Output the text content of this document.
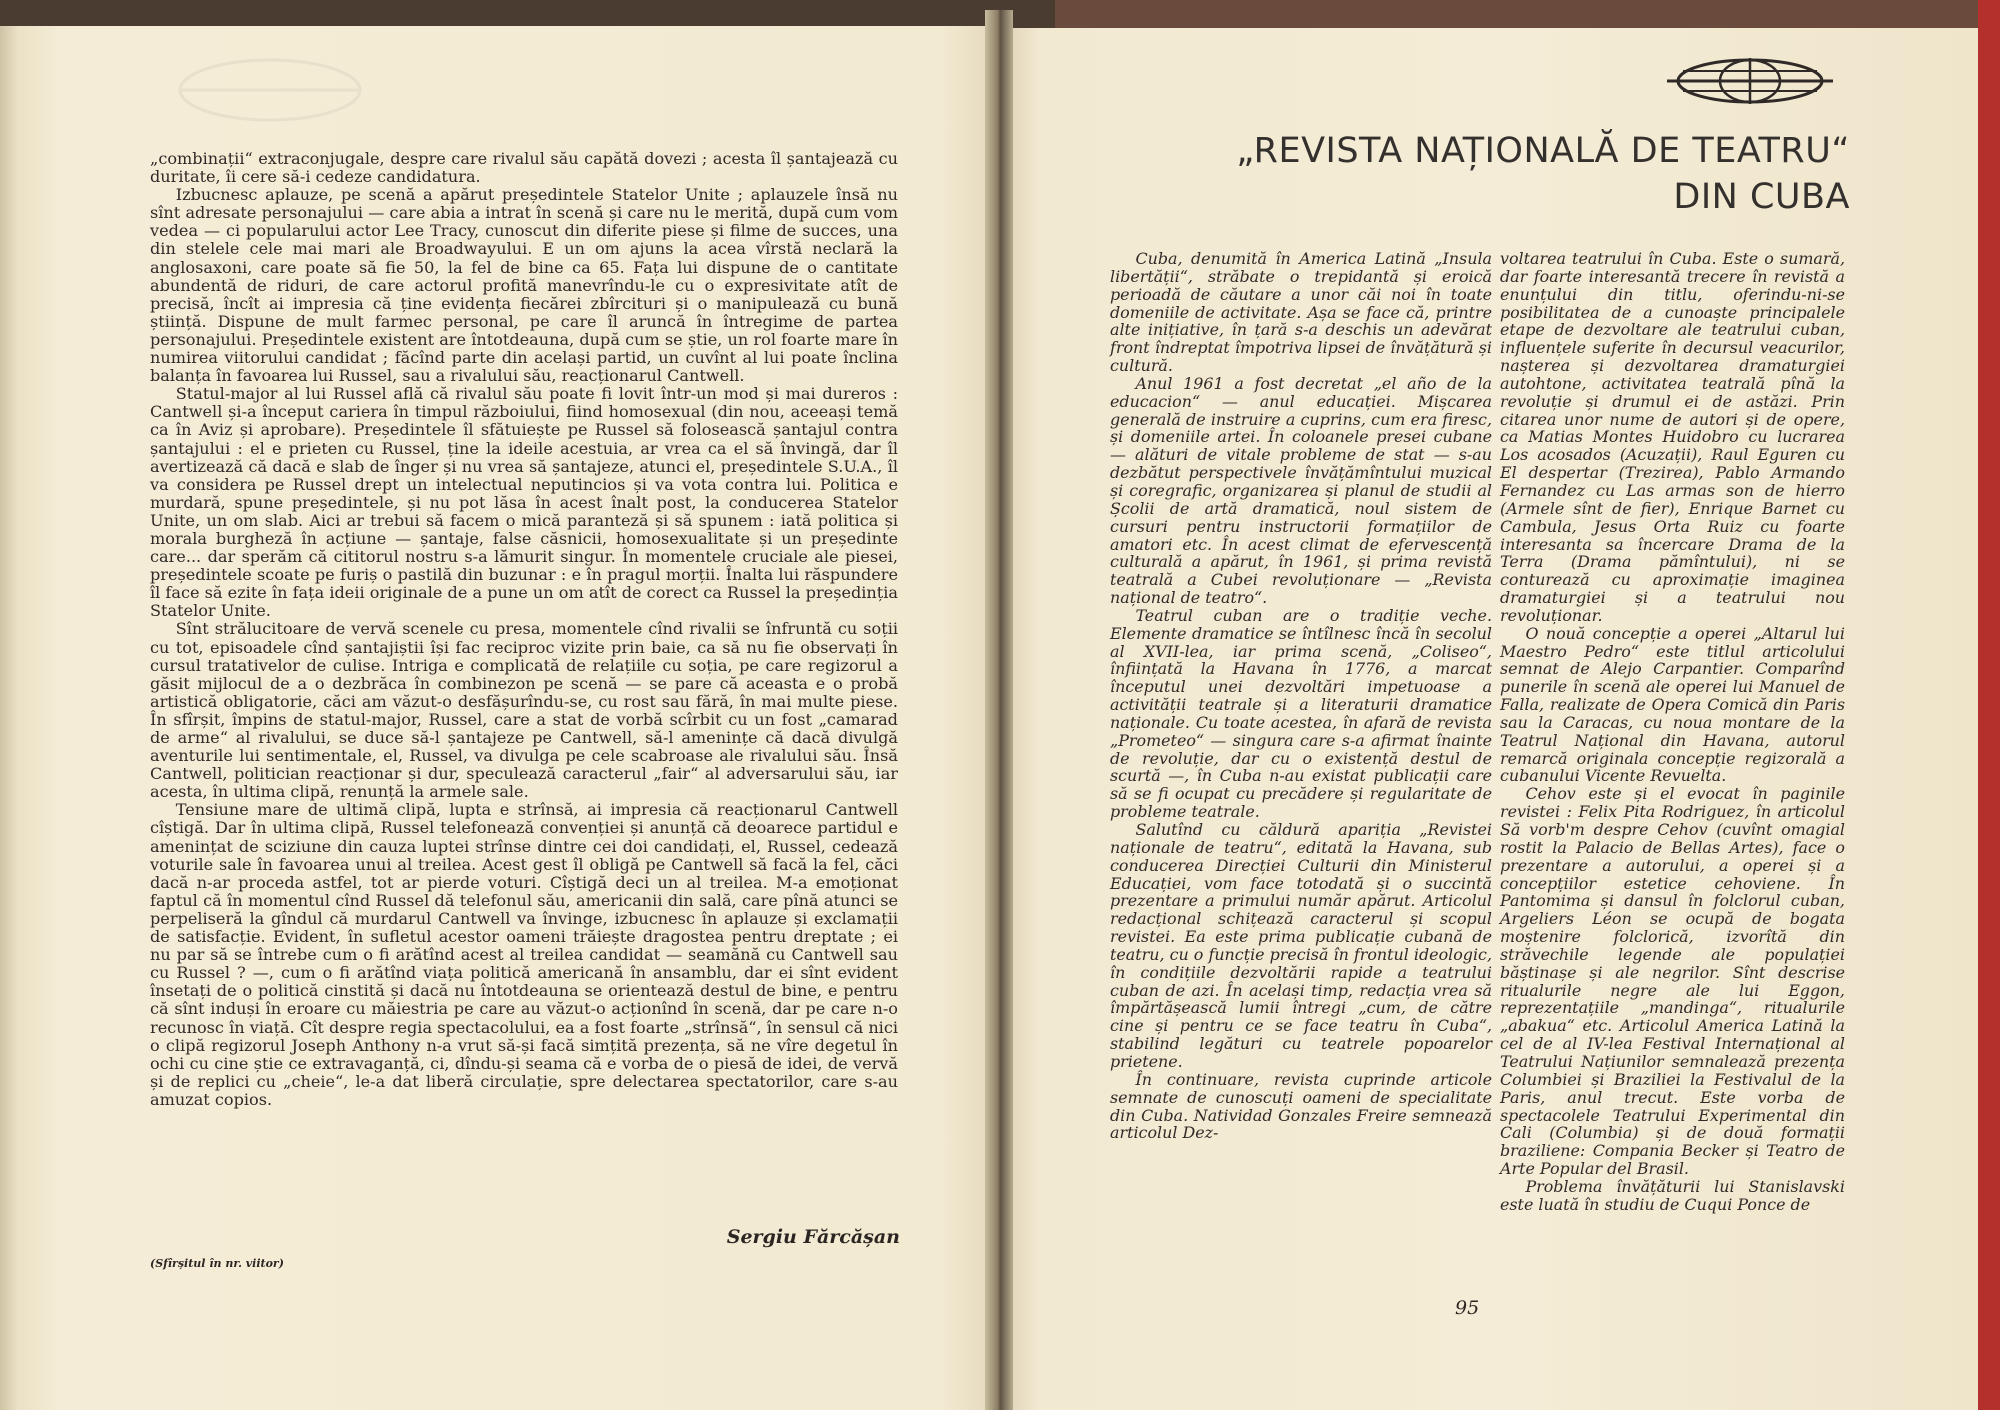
„combinații“ extraconjugale, despre care rivalul său capătă dovezi ; acesta îl șantajează cu duritate, îi cere să-i cedeze candidatura.

Izbucnesc aplauze, pe scenă a apărut președintele Statelor Unite ; aplauzele însă nu sînt adresate personajului — care abia a intrat în scenă și care nu le merită, după cum vom vedea — ci popularului actor Lee Tracy, cunoscut din diferite piese și filme de succes, una din stelele cele mai mari ale Broadwayului. E un om ajuns la acea vîrstă neclară la anglosaxoni, care poate să fie 50, la fel de bine ca 65. Fața lui dispune de o cantitate abundentă de riduri, de care actorul profită manevrîndu-le cu o expresivitate atît de precisă, încît ai impresia că ține evidența fiecărei zbîrcituri și o manipulează cu bună știință. Dispune de mult farmec personal, pe care îl aruncă în întregime de partea personajului. Președintele existent are întotdeauna, după cum se știe, un rol foarte mare în numirea viitorului candidat ; făcînd parte din același partid, un cuvînt al lui poate înclina balanța în favoarea lui Russel, sau a rivalului său, reacționarul Cantwell.

Statul-major al lui Russel află că rivalul său poate fi lovit într-un mod și mai dureros : Cantwell și-a început cariera în timpul războiului, fiind homosexual (din nou, aceeași temă ca în Aviz și aprobare). Președintele îl sfătuiește pe Russel să folosească șantajul contra șantajului : el e prieten cu Russel, ține la ideile acestuia, ar vrea ca el să învingă, dar îl avertizează că dacă e slab de înger și nu vrea să șantajeze, atunci el, președintele S.U.A., îl va considera pe Russel drept un intelectual neputincios și va vota contra lui. Politica e murdară, spune președintele, și nu pot lăsa în acest înalt post, la conducerea Statelor Unite, un om slab. Aici ar trebui să facem o mică paranteză și să spunem : iată politica și morala burgheză în acțiune — șantaje, false căsnicii, homosexualitate și un președinte care... dar sperăm că cititorul nostru s-a lămurit singur. În momentele cruciale ale piesei, președintele scoate pe furiș o pastilă din buzunar : e în pragul morții. Înalta lui răspundere îl face să ezite în fața ideii originale de a pune un om atît de corect ca Russel la președinția Statelor Unite.

Sînt strălucitoare de vervă scenele cu presa, momentele cînd rivalii se înfruntă cu soții cu tot, episoadele cînd șantajiștii își fac reciproc vizite prin baie, ca să nu fie observați în cursul tratativelor de culise. Intriga e complicată de relațiile cu soția, pe care regizorul a găsit mijlocul de a o dezbrăca în combinezon pe scenă — se pare că aceasta e o probă artistică obligatorie, căci am văzut-o desfășurîndu-se, cu rost sau fără, în mai multe piese. În sfîrșit, împins de statul-major, Russel, care a stat de vorbă scîrbit cu un fost „camarad de arme“ al rivalului, se duce să-l șantajeze pe Cantwell, să-l amenințe că dacă divulgă aventurile lui sentimentale, el, Russel, va divulga pe cele scabroase ale rivalului său. Însă Cantwell, politician reacționar și dur, speculează caracterul „fair“ al adversarului său, iar acesta, în ultima clipă, renunță la armele sale.

Tensiune mare de ultimă clipă, lupta e strînsă, ai impresia că reacționarul Cantwell cîștigă. Dar în ultima clipă, Russel telefonează convenției și anunță că deoarece partidul e amenințat de sciziune din cauza luptei strînse dintre cei doi candidați, el, Russel, cedează voturile sale în favoarea unui al treilea. Acest gest îl obligă pe Cantwell să facă la fel, căci dacă n-ar proceda astfel, tot ar pierde voturi. Cîștigă deci un al treilea. M-a emoționat faptul că în momentul cînd Russel dă telefonul său, americanii din sală, care pînă atunci se perpeliseră la gîndul că murdarul Cantwell va învinge, izbucnesc în aplauze și exclamații de satisfacție. Evident, în sufletul acestor oameni trăiește dragostea pentru dreptate ; ei nu par să se întrebe cum o fi arătînd acest al treilea candidat — seamănă cu Cantwell sau cu Russel ? —, cum o fi arătînd viața politică americană în ansamblu, dar ei sînt evident însetați de o politică cinstită și dacă nu întotdeauna se orientează destul de bine, e pentru că sînt induși în eroare cu măiestria pe care au văzut-o acționînd în scenă, dar pe care n-o recunosc în viață. Cît despre regia spectacolului, ea a fost foarte „strînsă“, în sensul că nici o clipă regizorul Joseph Anthony n-a vrut să-și facă simțită prezența, să ne vîre degetul în ochi cu cine știe ce extravaganță, ci, dîndu-și seama că e vorba de o piesă de idei, de vervă și de replici cu „cheie“, le-a dat liberă circulație, spre delectarea spectatorilor, care s-au amuzat copios.

Sergiu Fărcășan
(Sfîrșitul în nr. viitor)
„REVISTA NAȚIONALĂ DE TEATRU“
DIN CUBA

Cuba, denumită în America Latină „Insula libertății“, străbate o trepidantă și eroică perioadă de căutare a unor căi noi în toate domeniile de activitate. Așa se face că, printre alte inițiative, în țară s-a deschis un adevărat front îndreptat împotriva lipsei de învățătură și cultură.

Anul 1961 a fost decretat „el año de la educacion“ — anul educației. Mișcarea generală de instruire a cuprins, cum era firesc, și domeniile artei. În coloanele presei cubane — alături de vitale probleme de stat — s-au dezbătut perspectivele învățămîntului muzical și coregrafic, organizarea și planul de studii al Școlii de artă dramatică, noul sistem de cursuri pentru instructorii formațiilor de amatori etc. În acest climat de efervescență culturală a apărut, în 1961, și prima revistă teatrală a Cubei revoluționare — „Revista național de teatro“.

Teatrul cuban are o tradiție veche. Elemente dramatice se întîlnesc încă în secolul al XVII-lea, iar prima scenă, „Coliseo“, înființată la Havana în 1776, a marcat începutul unei dezvoltări impetuoase a activității teatrale și a literaturii dramatice naționale. Cu toate acestea, în afară de revista „Prometeo“ — singura care s-a afirmat înainte de revoluție, dar cu o existență destul de scurtă —, în Cuba n-au existat publicații care să se fi ocupat cu precădere și regularitate de probleme teatrale.

Salutînd cu căldură apariția „Revistei naționale de teatru“, editată la Havana, sub conducerea Direcției Culturii din Ministerul Educației, vom face totodată și o succintă prezentare a primului număr apărut. Articolul redacțional schițează caracterul și scopul revistei. Ea este prima publicație cubană de teatru, cu o funcție precisă în frontul ideologic, în condițiile dezvoltării rapide a teatrului cuban de azi. În același timp, redacția vrea să împărtășească lumii întregi „cum, de către cine și pentru ce se face teatru în Cuba“, stabilind legături cu teatrele popoarelor prietene.

În continuare, revista cuprinde articole semnate de cunoscuți oameni de specialitate din Cuba. Natividad Gonzales Freire semnează articolul Dez-

voltarea teatrului în Cuba. Este o sumară, dar foarte interesantă trecere în revistă a enunțului din titlu, oferindu-ni-se posibilitatea de a cunoaște principalele etape de dezvoltare ale teatrului cuban, influențele suferite în decursul veacurilor, nașterea și dezvoltarea dramaturgiei autohtone, activitatea teatrală pînă la revoluție și drumul ei de astăzi. Prin citarea unor nume de autori și de opere, ca Matias Montes Huidobro cu lucrarea Los acosados (Acuzații), Raul Eguren cu El despertar (Trezirea), Pablo Armando Fernandez cu Las armas son de hierro (Armele sînt de fier), Enrique Barnet cu Cambula, Jesus Orta Ruiz cu foarte interesanta sa încercare Drama de la Terra (Drama pămîntului), ni se conturează cu aproximație imaginea dramaturgiei și a teatrului nou revoluționar.

O nouă concepție a operei „Altarul lui Maestro Pedro“ este titlul articolului semnat de Alejo Carpantier. Comparînd punerile în scenă ale operei lui Manuel de Falla, realizate de Opera Comică din Paris sau la Caracas, cu noua montare de la Teatrul Național din Havana, autorul remarcă originala concepție regizorală a cubanului Vicente Revuelta.

Cehov este și el evocat în paginile revistei : Felix Pita Rodriguez, în articolul Să vorb'm despre Cehov (cuvînt omagial rostit la Palacio de Bellas Artes), face o prezentare a autorului, a operei și a concepțiilor estetice cehoviene. În Pantomima și dansul în folclorul cuban, Argeliers Léon se ocupă de bogata moștenire folclorică, izvorîtă din străvechile legende ale populației băștinașe și ale negrilor. Sînt descrise ritualurile negre ale lui Eggon, reprezentațiile „mandinga“, ritualurile „abakua“ etc. Articolul America Latină la cel de al IV-lea Festival Internațional al Teatrului Națiunilor semnalează prezența Columbiei și Braziliei la Festivalul de la Paris, anul trecut. Este vorba de spectacolele Teatrului Experimental din Cali (Columbia) și de două formații braziliene: Compania Becker și Teatro de Arte Popular del Brasil.

Problema învățăturii lui Stanislavski este luată în studiu de Cuqui Ponce de

95
